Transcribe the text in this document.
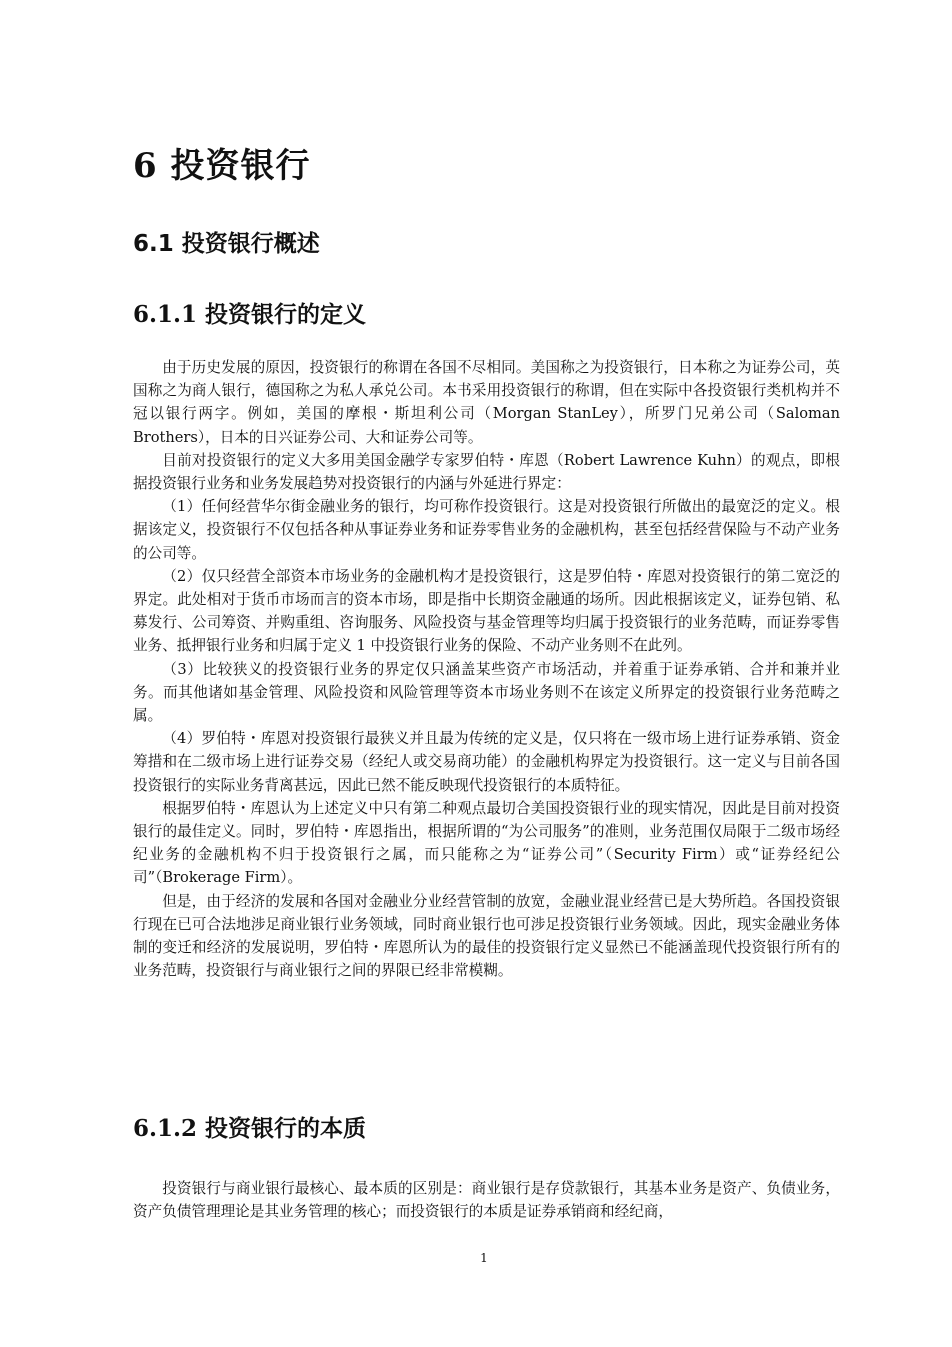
6 投资银行
6.1 投资银行概述
6.1.1 投资银行的定义

由于历史发展的原因，投资银行的称谓在各国不尽相同。美国称之为投资银行，日本称之为证券公司，英国称之为商人银行，德国称之为私人承兑公司。本书采用投资银行的称谓，但在实际中各投资银行类机构并不冠以银行两字。例如，美国的摩根・斯坦利公司（Morgan StanLey），所罗门兄弟公司（Saloman Brothers），日本的日兴证券公司、大和证券公司等。

目前对投资银行的定义大多用美国金融学专家罗伯特・库恩（Robert Lawrence Kuhn）的观点，即根据投资银行业务和业务发展趋势对投资银行的内涵与外延进行界定：

（1）任何经营华尔街金融业务的银行，均可称作投资银行。这是对投资银行所做出的最宽泛的定义。根据该定义，投资银行不仅包括各种从事证券业务和证券零售业务的金融机构，甚至包括经营保险与不动产业务的公司等。

（2）仅只经营全部资本市场业务的金融机构才是投资银行，这是罗伯特・库恩对投资银行的第二宽泛的界定。此处相对于货币市场而言的资本市场，即是指中长期资金融通的场所。因此根据该定义，证券包销、私募发行、公司筹资、并购重组、咨询服务、风险投资与基金管理等均归属于投资银行的业务范畴，而证券零售业务、抵押银行业务和归属于定义 1 中投资银行业务的保险、不动产业务则不在此列。

（3）比较狭义的投资银行业务的界定仅只涵盖某些资产市场活动，并着重于证券承销、合并和兼并业务。而其他诸如基金管理、风险投资和风险管理等资本市场业务则不在该定义所界定的投资银行业务范畴之属。

（4）罗伯特・库恩对投资银行最狭义并且最为传统的定义是，仅只将在一级市场上进行证券承销、资金筹措和在二级市场上进行证券交易（经纪人或交易商功能）的金融机构界定为投资银行。这一定义与目前各国投资银行的实际业务背离甚远，因此已然不能反映现代投资银行的本质特征。

根据罗伯特・库恩认为上述定义中只有第二种观点最切合美国投资银行业的现实情况，因此是目前对投资银行的最佳定义。同时，罗伯特・库恩指出，根据所谓的“为公司服务”的准则，业务范围仅局限于二级市场经纪业务的金融机构不归于投资银行之属，而只能称之为“证券公司”（Security Firm）或“证券经纪公司”（Brokerage Firm）。

但是，由于经济的发展和各国对金融业分业经营管制的放宽，金融业混业经营已是大势所趋。各国投资银行现在已可合法地涉足商业银行业务领域，同时商业银行也可涉足投资银行业务领域。因此，现实金融业务体制的变迁和经济的发展说明，罗伯特・库恩所认为的最佳的投资银行定义显然已不能涵盖现代投资银行所有的业务范畴，投资银行与商业银行之间的界限已经非常模糊。

6.1.2 投资银行的本质

投资银行与商业银行最核心、最本质的区别是：商业银行是存贷款银行，其基本业务是资产、负债业务，资产负债管理理论是其业务管理的核心；而投资银行的本质是证券承销商和经纪商，

1
